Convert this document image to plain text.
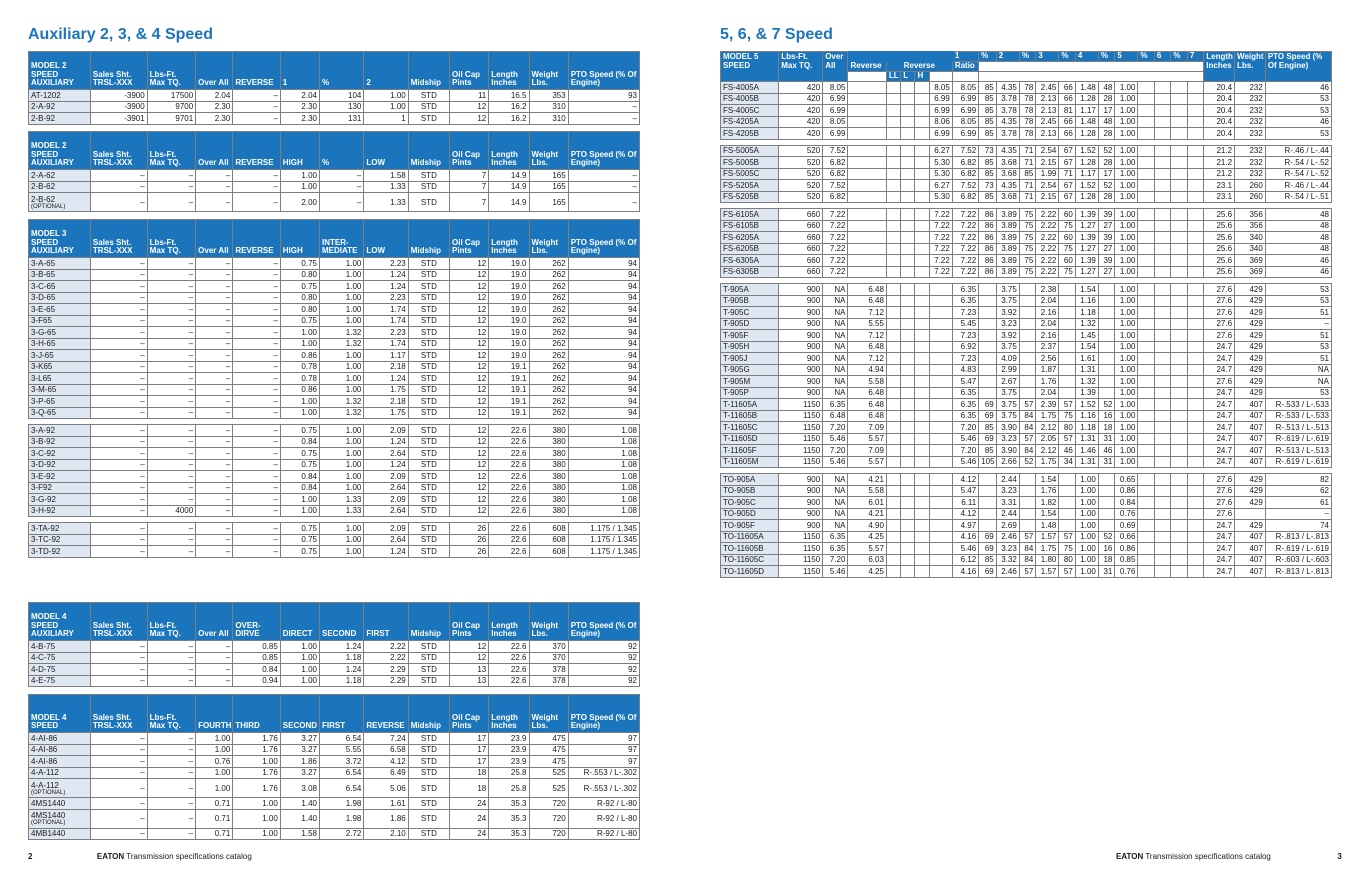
Auxiliary 2, 3, & 4 Speed
MODEL 2 SPEED AUXILIARY	Sales Sht. TRSL-XXX	Lbs-Ft. Max TQ.	Over All	REVERSE	1	%	2	Midship	Oil Cap Pints	Length Inches	Weight Lbs.	PTO Speed (% Of Engine)
AT-1202	-3900	17500	2.04	–	2.04	104	1.00	STD	11	16.5	353	93
2-A-92	-3900	9700	2.30	–	2.30	130	1.00	STD	12	16.2	310	–
2-B-92	-3901	9701	2.30	–	2.30	131	1	STD	12	16.2	310	–
MODEL 2 SPEED AUXILIARY	Sales Sht. TRSL-XXX	Lbs-Ft. Max TQ.	Over All	REVERSE	HIGH	%	LOW	Midship	Oil Cap Pints	Length Inches	Weight Lbs.	PTO Speed (% Of Engine)
2-A-62	–	–	–	–	1.00	–	1.58	STD	7	14.9	165	–
2-B-62	–	–	–	–	1.00	–	1.33	STD	7	14.9	165	–
2-B-62
(OPTIONAL)	–	–	–	–	2.00	–	1.33	STD	7	14.9	165	–
MODEL 3 SPEED AUXILIARY	Sales Sht. TRSL-XXX	Lbs-Ft. Max TQ.	Over All	REVERSE	HIGH	INTER-MEDIATE	LOW	Midship	Oil Cap Pints	Length Inches	Weight Lbs.	PTO Speed (% Of Engine)
3-A-65	–	–	–	–	0.75	1.00	2.23	STD	12	19.0	262	94
3-B-65	–	–	–	–	0.80	1.00	1.24	STD	12	19.0	262	94
3-C-65	–	–	–	–	0.75	1.00	1.24	STD	12	19.0	262	94
3-D-65	–	–	–	–	0.80	1.00	2.23	STD	12	19.0	262	94
3-E-65	–	–	–	–	0.80	1.00	1.74	STD	12	19.0	262	94
3-F65	–	–	–	–	0.75	1.00	1.74	STD	12	19.0	262	94
3-G-65	–	–	–	–	1.00	1.32	2.23	STD	12	19.0	262	94
3-H-65	–	–	–	–	1.00	1.32	1.74	STD	12	19.0	262	94
3-J-65	–	–	–	–	0.86	1.00	1.17	STD	12	19.0	262	94
3-K65	–	–	–	–	0.78	1.00	2.18	STD	12	19.1	262	94
3-L65	–	–	–	–	0.78	1.00	1.24	STD	12	19.1	262	94
3-M-65	–	–	–	–	0.86	1.00	1.75	STD	12	19.1	262	94
3-P-65	–	–	–	–	1.00	1.32	2.18	STD	12	19.1	262	94
3-Q-65	–	–	–	–	1.00	1.32	1.75	STD	12	19.1	262	94

3-A-92	–	–	–	–	0.75	1.00	2.09	STD	12	22.6	380	1.08
3-B-92	–	–	–	–	0.84	1.00	1.24	STD	12	22.6	380	1.08
3-C-92	–	–	–	–	0.75	1.00	2.64	STD	12	22.6	380	1.08
3-D-92	–	–	–	–	0.75	1.00	1.24	STD	12	22.6	380	1.08
3-E-92	–	–	–	–	0.84	1.00	2.09	STD	12	22.6	380	1.08
3-F92	–	–	–	–	0.84	1.00	2.64	STD	12	22.6	380	1.08
3-G-92	–	–	–	–	1.00	1.33	2.09	STD	12	22.6	380	1.08
3-H-92	–	4000	–	–	1.00	1.33	2.64	STD	12	22.6	380	1.08

3-TA-92	–	–	–	–	0.75	1.00	2.09	STD	26	22.6	608	1.175 / 1.345
3-TC-92	–	–	–	–	0.75	1.00	2.64	STD	26	22.6	608	1.175 / 1.345
3-TD-92	–	–	–	–	0.75	1.00	1.24	STD	26	22.6	608	1.175 / 1.345
MODEL 4 SPEED AUXILIARY	Sales Sht. TRSL-XXX	Lbs-Ft. Max TQ.	Over All	OVER-DIRVE	DIRECT	SECOND	FIRST	Midship	Oil Cap Pints	Length Inches	Weight Lbs.	PTO Speed (% Of Engine)
4-B-75	–	–	–	0.85	1.00	1.24	2.22	STD	12	22.6	370	92
4-C-75	–	–	–	0.85	1.00	1.18	2.22	STD	12	22.6	370	92
4-D-75	–	–	–	0.84	1.00	1.24	2.29	STD	13	22.6	378	92
4-E-75	–	–	–	0.94	1.00	1.18	2.29	STD	13	22.6	378	92
MODEL 4 SPEED	Sales Sht. TRSL-XXX	Lbs-Ft. Max TQ.	FOURTH	THIRD	SECOND	FIRST	REVERSE	Midship	Oil Cap Pints	Length Inches	Weight Lbs.	PTO Speed (% Of Engine)
4-AI-86	–	–	1.00	1.76	3.27	6.54	7.24	STD	17	23.9	475	97
4-AI-86	–	–	1.00	1.76	3.27	5.55	6.58	STD	17	23.9	475	97
4-AI-86	–	–	0.76	1.00	1.86	3.72	4.12	STD	17	23.9	475	97
4-A-112	–	–	1.00	1.76	3.27	6.54	6.49	STD	18	25.8	525	R-.553 / L-.302
4-A-112
(OPTIONAL)	–	–	1.00	1.76	3.08	6.54	5.06	STD	18	25.8	525	R-.553 / L-.302
4MS1440	–	–	0.71	1.00	1.40	1.98	1.61	STD	24	35.3	720	R-92 / L-80
4MS1440
(OPTIONAL)	–	–	0.71	1.00	1.40	1.98	1.86	STD	24	35.3	720	R-92 / L-80
4MB1440	–	–	0.71	1.00	1.58	2.72	2.10	STD	24	35.3	720	R-92 / L-80
2	EATON Transmission specifications catalog
5, 6, & 7 Speed
MODEL 5 SPEED	Lbs-Ft. Max TQ.	Over All						1	%	2	%	3	%	4	%	5	%	6	%	7	Length Inches	Weight Lbs.	PTO Speed (% Of Engine)
			Reverse	Reverse				Ratio															
				LL	L	H																	
FS-4005A	420	8.05					8.05	8.05	85	4.35	78	2.45	66	1.48	48	1.00					20.4	232	46
FS-4005B	420	6.99					6.99	6.99	85	3.78	78	2.13	66	1.28	28	1.00					20.4	232	53
FS-4005C	420	6.99					6.99	6.99	85	3.78	78	2.13	81	1.17	17	1.00					20.4	232	53
FS-4205A	420	8.05					8.06	8.05	85	4.35	78	2.45	66	1.48	48	1.00					20.4	232	46
FS-4205B	420	6.99					6.99	6.99	85	3.78	78	2.13	66	1.28	28	1.00					20.4	232	53

FS-5005A	520	7.52					6.27	7.52	73	4.35	71	2.54	67	1.52	52	1.00					21.2	232	R-.46 / L-.44
FS-5005B	520	6.82					5.30	6.82	85	3.68	71	2.15	67	1.28	28	1.00					21.2	232	R-.54 / L-.52
FS-5005C	520	6.82					5.30	6.82	85	3.68	85	1.99	71	1.17	17	1.00					21.2	232	R-.54 / L-.52
FS-5205A	520	7.52					6.27	7.52	73	4.35	71	2.54	67	1.52	52	1.00					23.1	260	R-.46 / L-.44
FS-5205B	520	6.82					5.30	6.82	85	3.68	71	2.15	67	1.28	28	1.00					23.1	260	R-.54 / L-.51

FS-6105A	660	7.22					7.22	7.22	86	3.89	75	2.22	60	1.39	39	1.00					25.6	356	48
FS-6105B	660	7.22					7.22	7.22	86	3.89	75	2.22	75	1.27	27	1.00					25.6	356	48
FS-6205A	660	7.22					7.22	7.22	86	3.89	75	2.22	60	1.39	39	1.00					25.6	340	48
FS-6205B	660	7.22					7.22	7.22	86	3.89	75	2.22	75	1.27	27	1.00					25.6	340	48
FS-6305A	660	7.22					7.22	7.22	86	3.89	75	2.22	60	1.39	39	1.00					25.6	369	46
FS-6305B	660	7.22					7.22	7.22	86	3.89	75	2.22	75	1.27	27	1.00					25.6	369	46

T-905A	900	NA	6.48					6.35		3.75		2.38		1.54		1.00					27.6	429	53
T-905B	900	NA	6.48					6.35		3.75		2.04		1.16		1.00					27.6	429	53
T-905C	900	NA	7.12					7.23		3.92		2.16		1.18		1.00					27.6	429	51
T-905D	900	NA	5.55					5.45		3.23		2.04		1.32		1.00					27.6	429	–
T-905F	900	NA	7.12					7.23		3.92		2.16		1.45		1.00					27.6	429	51
T-905H	900	NA	6.48					6.92		3.75		2.37		1.54		1.00					24.7	429	53
T-905J	900	NA	7.12					7.23		4.09		2.56		1.61		1.00					24.7	429	51
T-905G	900	NA	4.94					4.83		2.99		1.87		1.31		1.00					24.7	429	NA
T-905M	900	NA	5.58					5.47		2.67		1.76		1.32		1.00					27.6	429	NA
T-905P	900	NA	6.48					6.35		3.75		2.04		1.39		1.00					24.7	429	53
T-11605A	1150	6.35	6.48					6.35	69	3.75	57	2.39	57	1.52	52	1.00					24.7	407	R-.533 / L-.533
T-11605B	1150	6.48	6.48					6.35	69	3.75	84	1.75	75	1.16	16	1.00					24.7	407	R-.533 / L-.533
T-11605C	1150	7.20	7.09					7.20	85	3.90	84	2.12	80	1.18	18	1.00					24.7	407	R-.513 / L-.513
T-11605D	1150	5.46	5.57					5.46	69	3.23	57	2.05	57	1.31	31	1.00					24.7	407	R-.619 / L-.619
T-11605F	1150	7.20	7.09					7.20	85	3.90	84	2.12	46	1.46	46	1.00					24.7	407	R-.513 / L-.513
T-11605M	1150	5.46	5.57					5.46	105	2.66	52	1.75	34	1.31	31	1.00					24.7	407	R-.619 / L-.619

TO-905A	900	NA	4.21					4.12		2.44		1.54		1.00		0.65					27.6	429	82
TO-905B	900	NA	5.58					5.47		3.23		1.76		1.00		0.86					27.6	429	62
TO-905C	900	NA	6.01					6.11		3.31		1.82		1.00		0.84					27.6	429	61
TO-905D	900	NA	4.21					4.12		2.44		1.54		1.00		0.76					27.6		–
TO-905F	900	NA	4.90					4.97		2.69		1.48		1.00		0.69					24.7	429	74
TO-11605A	1150	6.35	4.25					4.16	69	2.46	57	1.57	57	1.00	52	0.66					24.7	407	R-.813 / L-.813
TO-11605B	1150	6.35	5.57					5.46	69	3.23	84	1.75	75	1.00	16	0.86					24.7	407	R-.619 / L-.619
TO-11605C	1150	7.20	6.03					6.12	85	3.32	84	1.80	80	1.00	18	0.85					24.7	407	R-.603 / L-.603
TO-11605D	1150	5.46	4.25					4.16	69	2.46	57	1.57	57	1.00	31	0.76					24.7	407	R-.813 / L-.813
EATON Transmission specifications catalog	3
